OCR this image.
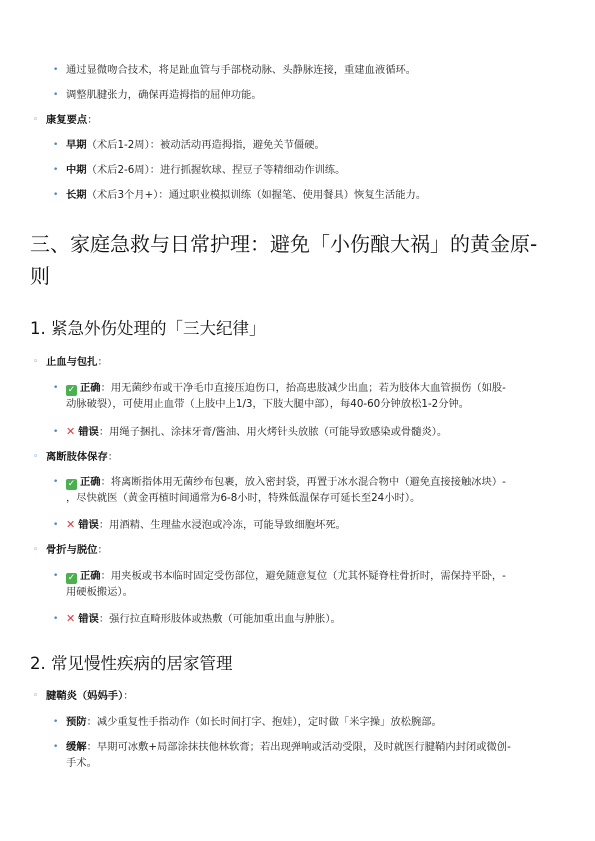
• 通过显微吻合技术，将足趾血管与手部桡动脉、头静脉连接，重建血液循环。
• 调整肌腱张力，确保再造拇指的屈伸功能。
◦ 康复要点：
• 早期（术后1-2周）：被动活动再造拇指，避免关节僵硬。
• 中期（术后2-6周）：进行抓握软球、捏豆子等精细动作训练。
• 长期（术后3个月+）：通过职业模拟训练（如握笔、使用餐具）恢复生活能力。
三、家庭急救与日常护理：避免「小伤酿大祸」的黄金原-
则
1. 紧急外伤处理的「三大纪律」
◦ 止血与包扎：
• ✓ 正确：用无菌纱布或干净毛巾直接压迫伤口，抬高患肢减少出血；若为肢体大血管损伤（如股-
动脉破裂），可使用止血带（上肢中上1/3，下肢大腿中部），每40-60分钟放松1-2分钟。
• ✕ 错误：用绳子捆扎、涂抹牙膏/酱油、用火烤针头放脓（可能导致感染或骨髓炎）。
◦ 离断肢体保存：
• ✓ 正确：将离断指体用无菌纱布包裹，放入密封袋，再置于冰水混合物中（避免直接接触冰块）-
，尽快就医（黄金再植时间通常为6-8小时，特殊低温保存可延长至24小时）。
• ✕ 错误：用酒精、生理盐水浸泡或冷冻，可能导致细胞坏死。
◦ 骨折与脱位：
• ✓ 正确：用夹板或书本临时固定受伤部位，避免随意复位（尤其怀疑脊柱骨折时，需保持平卧，-
用硬板搬运）。
• ✕ 错误：强行拉直畸形肢体或热敷（可能加重出血与肿胀）。
2. 常见慢性疾病的居家管理
◦ 腱鞘炎（妈妈手）：
• 预防：减少重复性手指动作（如长时间打字、抱娃），定时做「米字操」放松腕部。
• 缓解：早期可冰敷+局部涂抹扶他林软膏；若出现弹响或活动受限，及时就医行腱鞘内封闭或微创-
手术。
